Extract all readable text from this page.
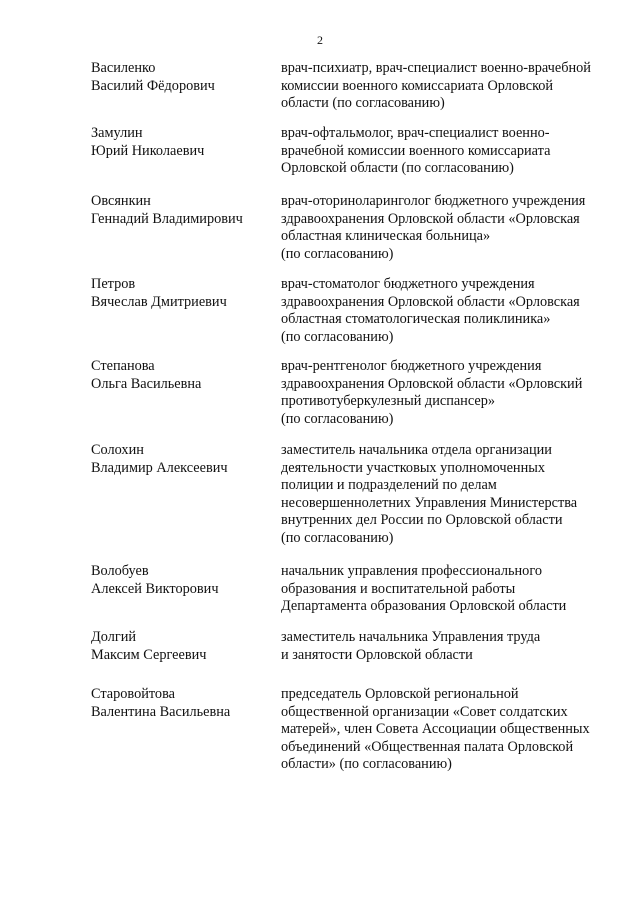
2
Василенко
Василий Фёдорович
врач-психиатр, врач-специалист военно-врачебной
комиссии военного комиссариата Орловской
области (по согласованию)
Замулин
Юрий Николаевич
врач-офтальмолог, врач-специалист военно-
врачебной комиссии военного комиссариата
Орловской области (по согласованию)
Овсянкин
Геннадий Владимирович
врач-оториноларинголог бюджетного учреждения
здравоохранения Орловской области «Орловская
областная клиническая больница»
(по согласованию)
Петров
Вячеслав Дмитриевич
врач-стоматолог бюджетного учреждения
здравоохранения Орловской области «Орловская
областная стоматологическая поликлиника»
(по согласованию)
Степанова
Ольга Васильевна
врач-рентгенолог бюджетного учреждения
здравоохранения Орловской области «Орловский
противотуберкулезный диспансер»
(по согласованию)
Солохин
Владимир Алексеевич
заместитель начальника отдела организации
деятельности участковых уполномоченных
полиции и подразделений по делам
несовершеннолетних Управления Министерства
внутренних дел России по Орловской области
(по согласованию)
Волобуев
Алексей Викторович
начальник управления профессионального
образования и воспитательной работы
Департамента образования Орловской области
Долгий
Максим Сергеевич
заместитель начальника Управления труда
и занятости Орловской области
Старовойтова
Валентина Васильевна
председатель Орловской региональной
общественной организации «Совет солдатских
матерей», член Совета Ассоциации общественных
объединений «Общественная палата Орловской
области» (по согласованию)
